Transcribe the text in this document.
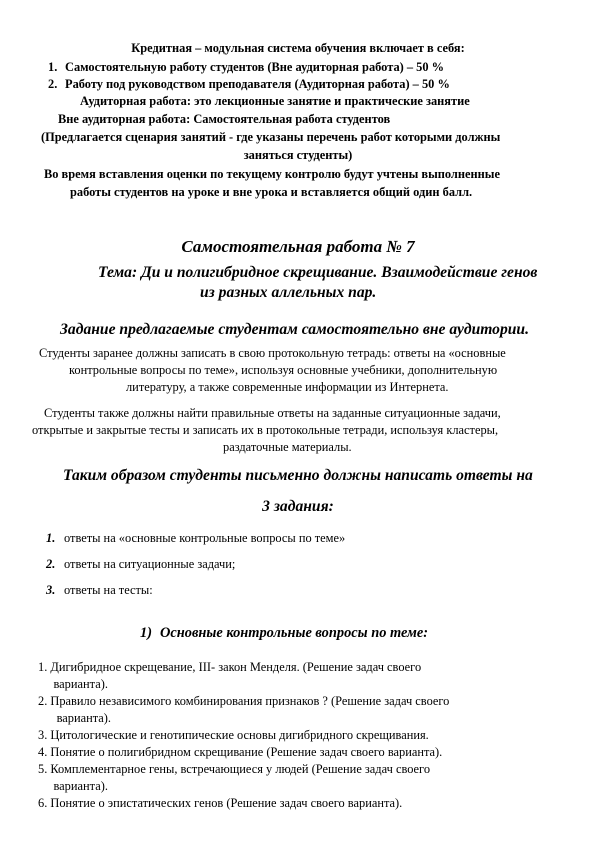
Кредитная – модульная система обучения включает в себя:
1. Самостоятельную работу студентов (Вне аудиторная работа) – 50 %
2. Работу под руководством преподавателя (Аудиторная работа) – 50 %
Аудиторная работа: это лекционные занятие и практические занятие
Вне аудиторная работа: Самостоятельная работа студентов
(Предлагается сценария занятий - где указаны перечень работ которыми должны
заняться студенты)
Во время вставления оценки по текущему контролю будут учтены выполненные
работы студентов на уроке и вне урока и вставляется общий один балл.
Самостоятельная работа № 7
Тема: Ди и полигибридное скрещивание. Взаимодействие генов
из разных аллельных пар.
Задание предлагаемые студентам самостоятельно вне аудитории.
Студенты заранее должны записать в свою протокольную тетрадь: ответы на «основные
контрольные вопросы по теме», используя основные учебники, дополнительную
литературу, а также современные информации из Интернета.
Студенты также должны найти правильные ответы на заданные ситуационные задачи,
открытые и закрытые тесты и записать их в протокольные тетради, используя кластеры,
раздаточные материалы.
Таким образом студенты письменно должны написать ответы на
3 задания:
1. ответы на «основные контрольные вопросы по теме»
2. ответы на ситуационные задачи;
3. ответы на тесты:
1) Основные контрольные вопросы по теме:
1. Дигибридное скрещевание, III- закон Менделя. (Решение задач своего
варианта).
2. Правило независимого комбинирования признаков ? (Решение задач своего
варианта).
3. Цитологические и генотипические основы дигибридного скрещивания.
4. Понятие о полигибридном скрещивание (Решение задач своего варианта).
5. Комплементарное гены, встречающиеся у людей (Решение задач своего
варианта).
6. Понятие о эпистатических генов (Решение задач своего варианта).
